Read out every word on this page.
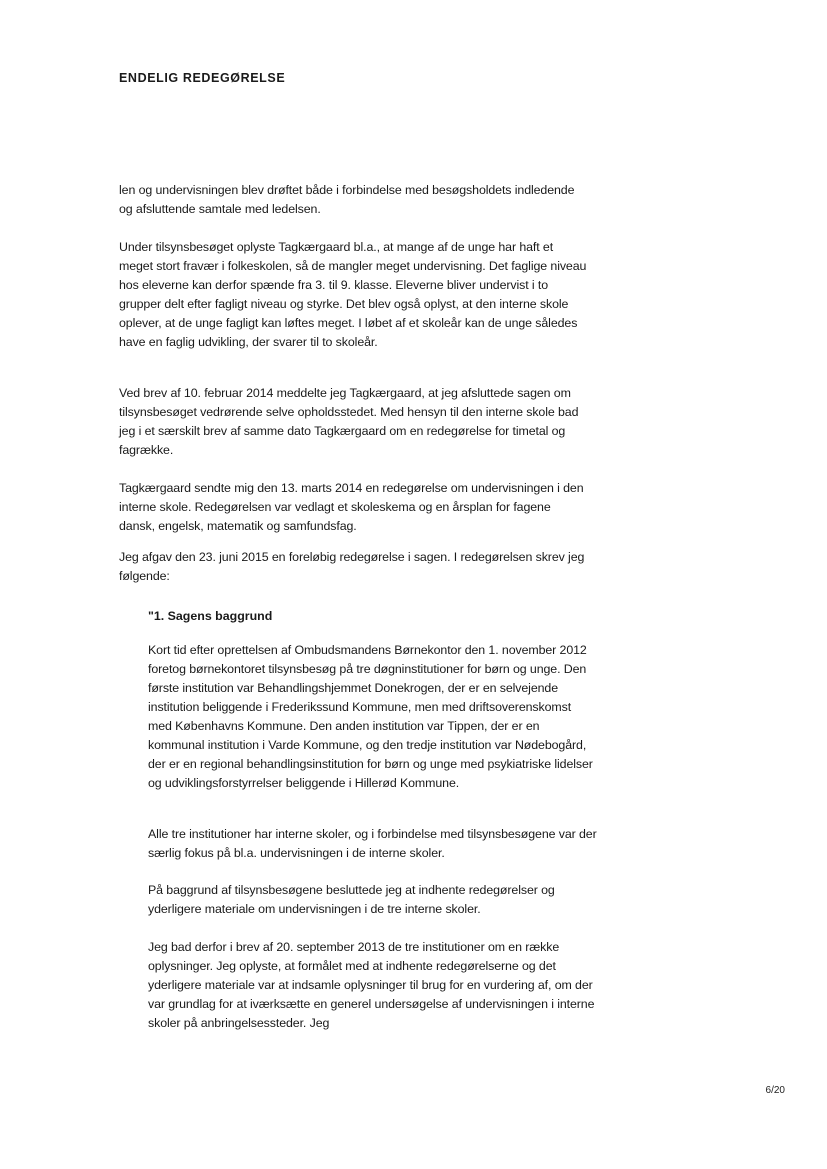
ENDELIG REDEGØRELSE

len og undervisningen blev drøftet både i forbindelse med besøgsholdets indledende og afsluttende samtale med ledelsen.

Under tilsynsbesøget oplyste Tagkærgaard bl.a., at mange af de unge har haft et meget stort fravær i folkeskolen, så de mangler meget undervisning. Det faglige niveau hos eleverne kan derfor spænde fra 3. til 9. klasse. Eleverne bliver undervist i to grupper delt efter fagligt niveau og styrke. Det blev også oplyst, at den interne skole oplever, at de unge fagligt kan løftes meget. I løbet af et skoleår kan de unge således have en faglig udvikling, der svarer til to skoleår.

Ved brev af 10. februar 2014 meddelte jeg Tagkærgaard, at jeg afsluttede sagen om tilsynsbesøget vedrørende selve opholdsstedet. Med hensyn til den interne skole bad jeg i et særskilt brev af samme dato Tagkærgaard om en redegørelse for timetal og fagrække.

Tagkærgaard sendte mig den 13. marts 2014 en redegørelse om undervisningen i den interne skole. Redegørelsen var vedlagt et skoleskema og en årsplan for fagene dansk, engelsk, matematik og samfundsfag.

Jeg afgav den 23. juni 2015 en foreløbig redegørelse i sagen. I redegørelsen skrev jeg følgende:

"1. Sagens baggrund

Kort tid efter oprettelsen af Ombudsmandens Børnekontor den 1. november 2012 foretog børnekontoret tilsynsbesøg på tre døgninstitutioner for børn og unge. Den første institution var Behandlingshjemmet Donekrogen, der er en selvejende institution beliggende i Frederikssund Kommune, men med driftsoverenskomst med Københavns Kommune. Den anden institution var Tippen, der er en kommunal institution i Varde Kommune, og den tredje institution var Nødebogård, der er en regional behandlingsinstitution for børn og unge med psykiatriske lidelser og udviklingsforstyrrelser beliggende i Hillerød Kommune.

Alle tre institutioner har interne skoler, og i forbindelse med tilsynsbesøgene var der særlig fokus på bl.a. undervisningen i de interne skoler.

På baggrund af tilsynsbesøgene besluttede jeg at indhente redegørelser og yderligere materiale om undervisningen i de tre interne skoler.

Jeg bad derfor i brev af 20. september 2013 de tre institutioner om en række oplysninger. Jeg oplyste, at formålet med at indhente redegørelserne og det yderligere materiale var at indsamle oplysninger til brug for en vurdering af, om der var grundlag for at iværksætte en generel undersøgelse af undervisningen i interne skoler på anbringelsessteder. Jeg

6/20
